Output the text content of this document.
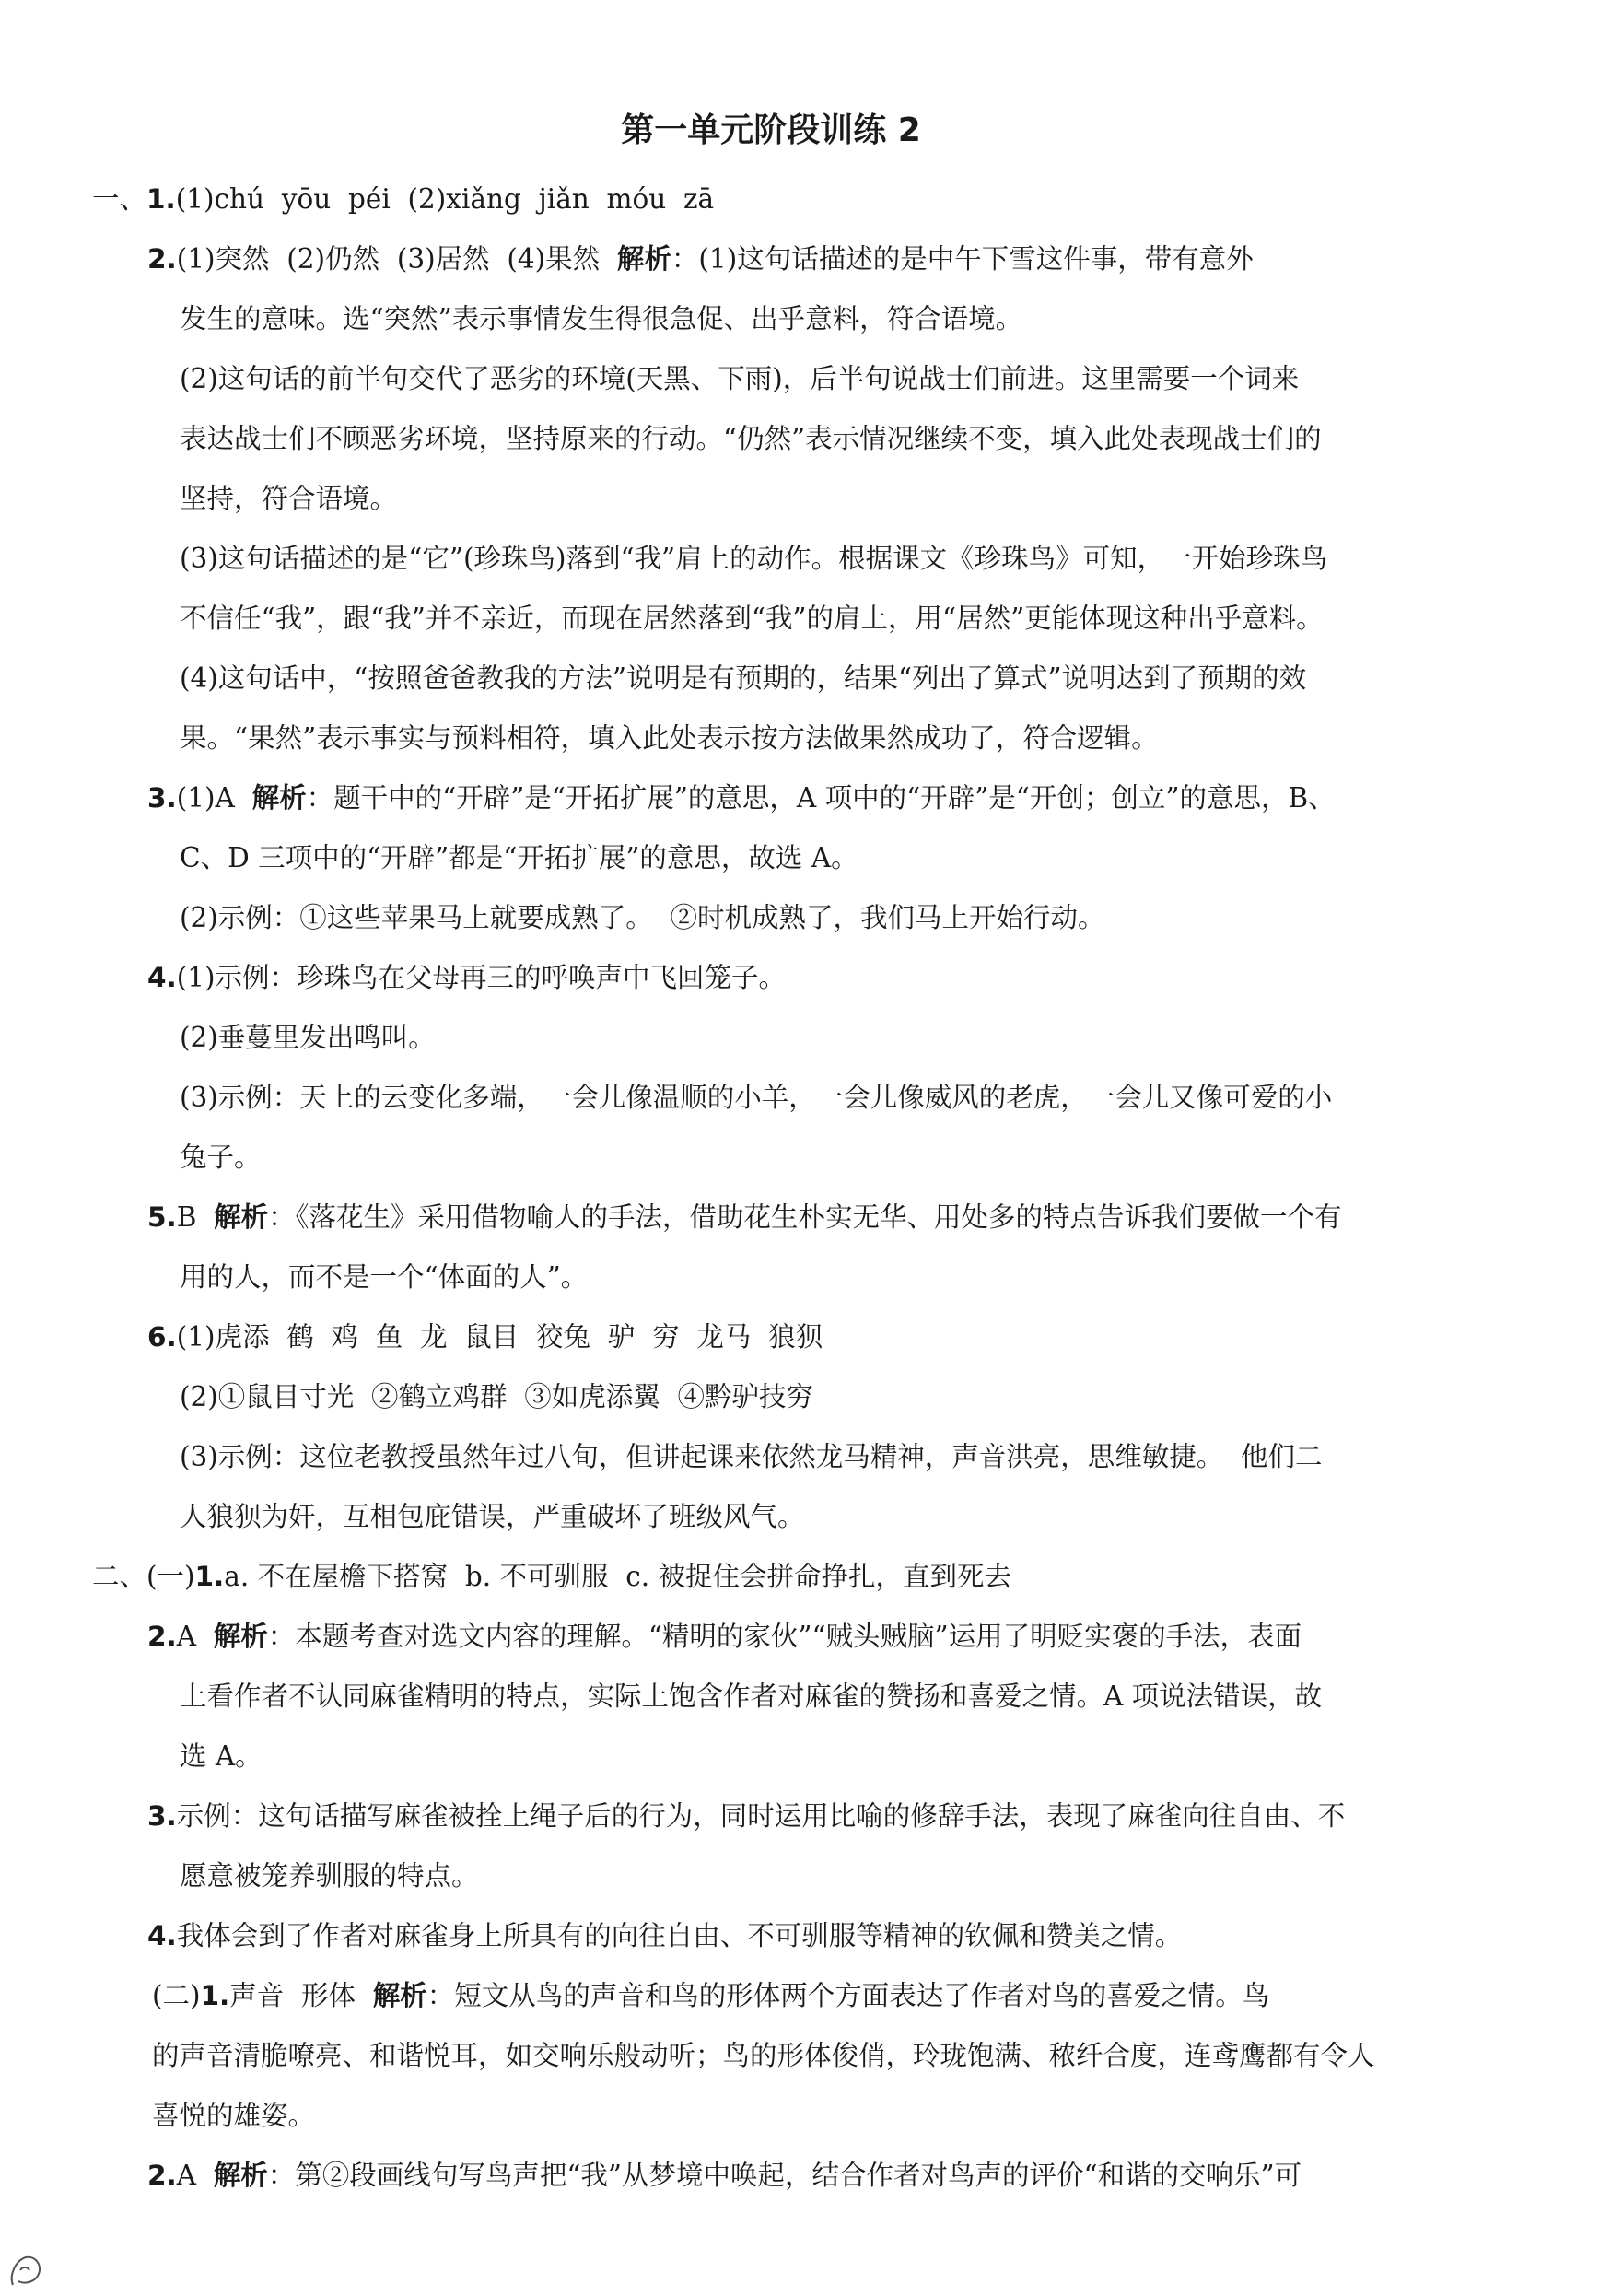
第一单元阶段训练 2
一、1.(1)chú  yōu  péi  (2)xiǎng  jiǎn  móu  zā
2.(1)突然  (2)仍然  (3)居然  (4)果然  解析：(1)这句话描述的是中午下雪这件事，带有意外
发生的意味。选“突然”表示事情发生得很急促、出乎意料，符合语境。
(2)这句话的前半句交代了恶劣的环境(天黑、下雨)，后半句说战士们前进。这里需要一个词来
表达战士们不顾恶劣环境，坚持原来的行动。“仍然”表示情况继续不变，填入此处表现战士们的
坚持，符合语境。
(3)这句话描述的是“它”(珍珠鸟)落到“我”肩上的动作。根据课文《珍珠鸟》可知，一开始珍珠鸟
不信任“我”，跟“我”并不亲近，而现在居然落到“我”的肩上，用“居然”更能体现这种出乎意料。
(4)这句话中，“按照爸爸教我的方法”说明是有预期的，结果“列出了算式”说明达到了预期的效
果。“果然”表示事实与预料相符，填入此处表示按方法做果然成功了，符合逻辑。
3.(1)A  解析：题干中的“开辟”是“开拓扩展”的意思，A 项中的“开辟”是“开创；创立”的意思，B、
C、D 三项中的“开辟”都是“开拓扩展”的意思，故选 A。
(2)示例：①这些苹果马上就要成熟了。  ②时机成熟了，我们马上开始行动。
4.(1)示例：珍珠鸟在父母再三的呼唤声中飞回笼子。
(2)垂蔓里发出鸣叫。
(3)示例：天上的云变化多端，一会儿像温顺的小羊，一会儿像威风的老虎，一会儿又像可爱的小
兔子。
5.B  解析：《落花生》采用借物喻人的手法，借助花生朴实无华、用处多的特点告诉我们要做一个有
用的人，而不是一个“体面的人”。
6.(1)虎添  鹤  鸡  鱼  龙  鼠目  狡兔  驴  穷  龙马  狼狈
(2)①鼠目寸光  ②鹤立鸡群  ③如虎添翼  ④黔驴技穷
(3)示例：这位老教授虽然年过八旬，但讲起课来依然龙马精神，声音洪亮，思维敏捷。  他们二
人狼狈为奸，互相包庇错误，严重破坏了班级风气。
二、(一)1.a. 不在屋檐下搭窝  b. 不可驯服  c. 被捉住会拼命挣扎，直到死去
2.A  解析：本题考查对选文内容的理解。“精明的家伙”“贼头贼脑”运用了明贬实褒的手法，表面
上看作者不认同麻雀精明的特点，实际上饱含作者对麻雀的赞扬和喜爱之情。A 项说法错误，故
选 A。
3.示例：这句话描写麻雀被拴上绳子后的行为，同时运用比喻的修辞手法，表现了麻雀向往自由、不
愿意被笼养驯服的特点。
4.我体会到了作者对麻雀身上所具有的向往自由、不可驯服等精神的钦佩和赞美之情。
(二)1.声音  形体  解析：短文从鸟的声音和鸟的形体两个方面表达了作者对鸟的喜爱之情。鸟
的声音清脆嘹亮、和谐悦耳，如交响乐般动听；鸟的形体俊俏，玲珑饱满、秾纤合度，连鸢鹰都有令人
喜悦的雄姿。
2.A  解析：第②段画线句写鸟声把“我”从梦境中唤起，结合作者对鸟声的评价“和谐的交响乐”可
